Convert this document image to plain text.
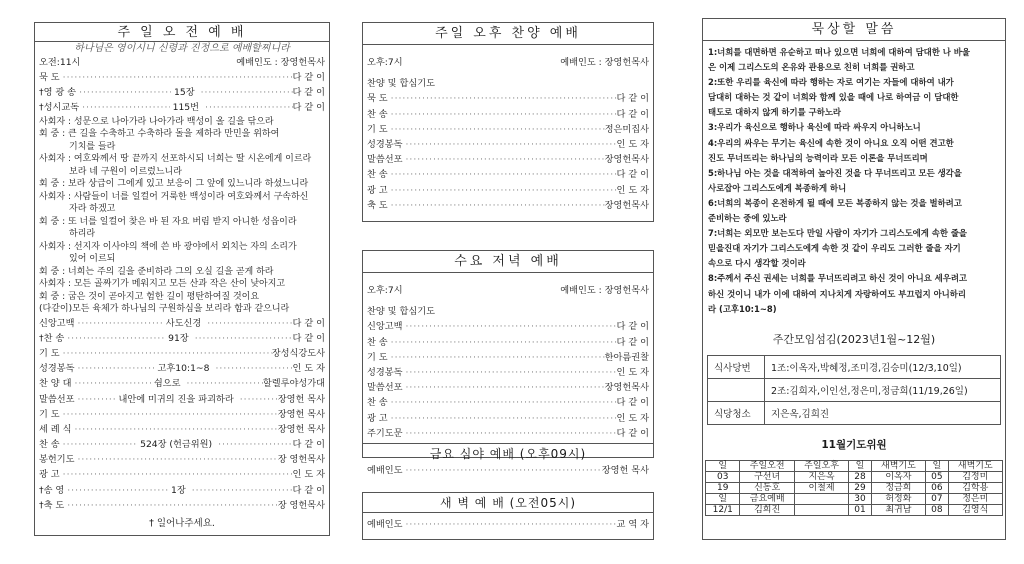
주 일 오 전 예 배
하나님은 영이시니 신령과 진정으로 예배할찌니라
오전:11시	예배인도 : 장영헌목사
묵 도 ·····	다 같 이
†영 광 송 ·····	15장 ·····	다 같 이
†성시교독 ·····	115번 ·····	다 같 이
사회자 : 성문으로 나아가라 나아가라 백성이 올 길을 닦으라
회 중 : 큰 길을 수축하고 수축하라 돌을 제하라 만민을 위하여
기치를 들라
사회자 : 여호와께서 땅 끝까지 선포하시되 너희는 딸 시온에게 이르라
보라 네 구원이 이르렀느니라
회 중 : 보라 상급이 그에게 있고 보응이 그 앞에 있느니라 하셨느니라
사회자 : 사람들이 너를 일컬어 거룩한 백성이라 여호와께서 구속하신
자라 하겠고
회 중 : 또 너를 일컬어 찾은 바 된 자요 버림 받지 아니한 성읍이라
하리라
사회자 : 선지자 이사야의 책에 쓴 바 광야에서 외치는 자의 소리가
있어 이르되
회 중 : 너희는 주의 길을 준비하라 그의 오실 길을 곧게 하라
사회자 : 모든 골짜기가 메워지고 모든 산과 작은 산이 낮아지고
회 중 : 굽은 것이 곧아지고 험한 길이 평탄하여질 것이요
(다같이)모든 육체가 하나님의 구원하심을 보리라 함과 같으니라
신앙고백 ·····	사도신경 ·····	다 같 이
†찬 송 ·····	91장 ·····	다 같 이
기 도 ·····	장성식강도사
성경봉독 ·····	고후10:1~8 ·····	인 도 자
찬 양 대 ·····	쉼으로 ·····	할렐루야성가대
말씀선포 ·····	내안에 미귀의 진을 파괴하라 ·····	장영헌 목사
기 도 ·····	장영헌 목사
세 례 식 ·····	장영헌 목사
찬 송 ·····	524장 (헌금위원) ·····	다 같 이
봉헌기도 ·····	장 영헌목사
광 고 ·····	인 도 자
†송 영 ·····	1장 ·····	다 같 이
†축 도 ·····	장 영헌목사
† 일어나주세요.
주일 오후 찬양 예배
오후:7시	예배인도 : 장영헌목사
찬양 및 합심기도
묵 도 ·····	다 같 이
찬 송 ·····	다 같 이
기 도 ·····	정은미집사
성경봉독 ·····	인 도 자
말씀선포 ·····	장영헌목사
찬 송 ·····	다 같 이
광 고 ·····	인 도 자
축 도 ·····	장영헌목사
수요 저녁 예배
오후:7시	예배인도 : 장영헌목사
찬양 및 합심기도
신앙고백 ·····	다 같 이
찬 송 ·····	다 같 이
기 도 ·····	한아름권찰
성경봉독 ·····	인 도 자
말씀선포 ·····	장영헌목사
찬 송 ·····	다 같 이
광 고 ·····	인 도 자
주기도문 ·····	다 같 이
금요 심야 예배 (오후09시)
예배인도 ·····	장영헌 목사
새 벽 예 배 (오전05시)
예배인도 ·····	교 역 자
묵상할 말씀
1:너희를 대면하면 유순하고 떠나 있으면 너희에 대하여 담대한 나 바울
은 이제 그리스도의 온유와 관용으로 친히 너희를 권하고
2:또한 우리를 육신에 따라 행하는 자로 여기는 자들에 대하여 내가
담대히 대하는 것 같이 너희와 함께 있을 때에 나로 하여금 이 담대한
태도로 대하지 않게 하기를 구하노라
3:우리가 육신으로 행하나 육신에 따라 싸우지 아니하노니
4:우리의 싸우는 무기는 육신에 속한 것이 아니요 오직 어떤 견고한
진도 무너뜨리는 하나님의 능력이라 모든 이론을 무너뜨리며
5:하나님 아는 것을 대적하여 높아진 것을 다 무너뜨리고 모든 생각을
사로잡아 그리스도에게 복종하게 하니
6:너희의 복종이 온전하게 될 때에 모든 복종하지 않는 것을 벌하려고
준비하는 중에 있노라
7:너희는 외모만 보는도다 만일 사람이 자기가 그리스도에게 속한 줄을
믿을진대 자기가 그리스도에게 속한 것 같이 우리도 그러한 줄을 자기
속으로 다시 생각할 것이라
8:주께서 주신 권세는 너희를 무너뜨리려고 하신 것이 아니요 세우려고
하신 것이니 내가 이에 대하여 지나치게 자랑하여도 부끄럽지 아니하리
라 (고후10:1~8)
주간모임섬김(2023년1월~12월)
식사당번	1조:이옥자,박혜정,조미경,김승미(12/3,10일)
	2조:김희자,이인선,정은미,정금희(11/19,26일)
식당청소	지은옥,김희진
11월기도위원
일	주일오전	주일오후	일	새벽기도	일	새벽기도
03	구선녀	지은옥	28	이옥자	05	김정미
19	신동호	이철제	29	정금희	06	김학용
일	금요예배		30	허정화	07	정은미
12/1	김희진		01	최귀남	08	김영식
